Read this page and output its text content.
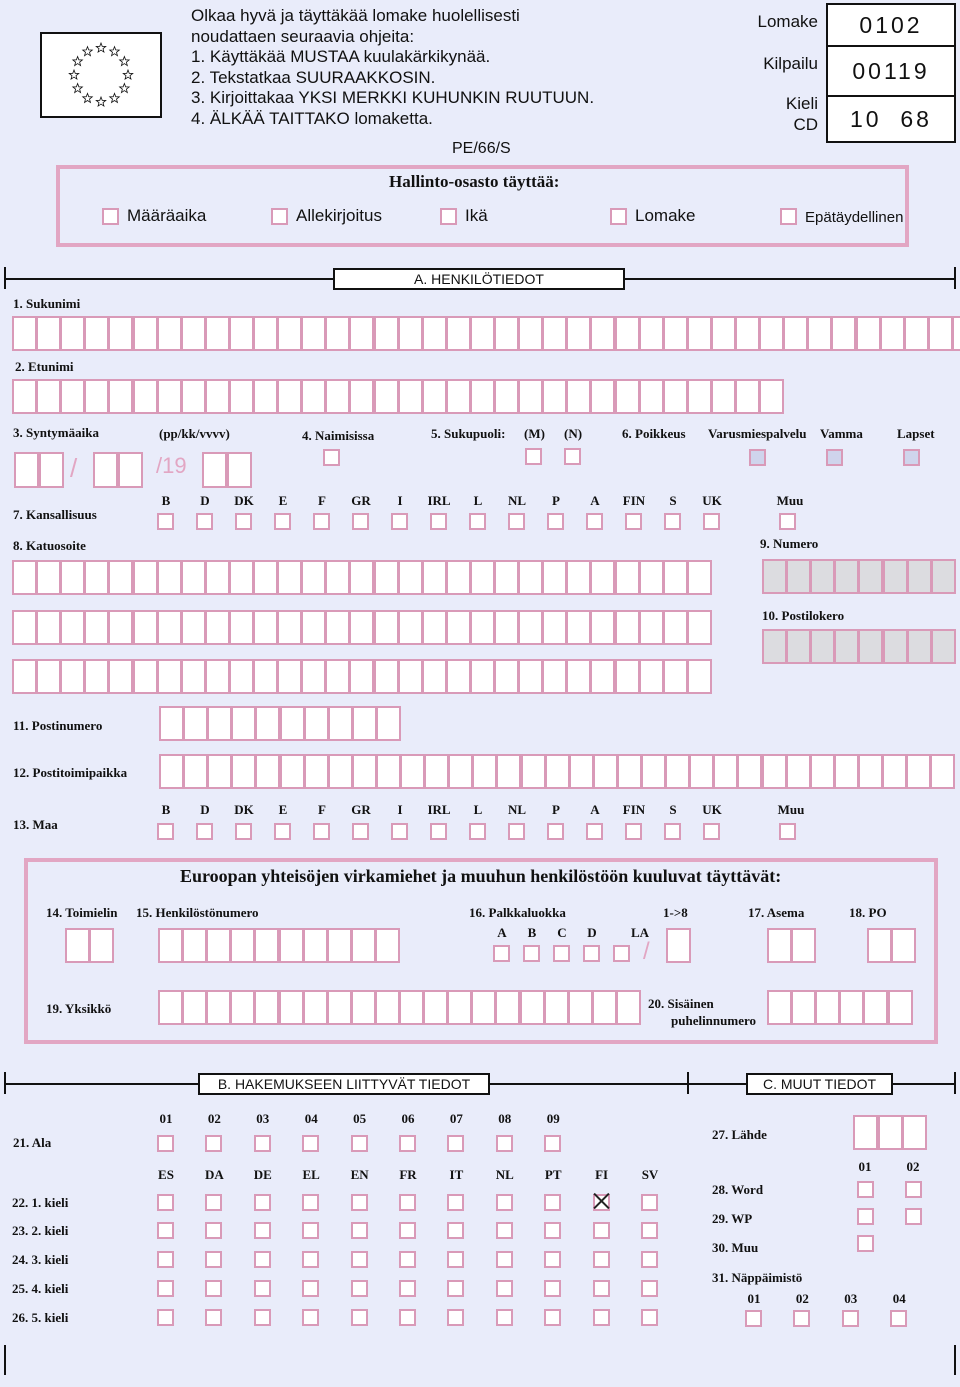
Olkaa hyvä ja täyttäkää lomake huolellisesti
noudattaen seuraavia ohjeita:
1. Käyttäkää MUSTAA kuulakärkikynää.
2. Tekstatkaa SUURAAKKOSIN.
3. Kirjoittakaa YKSI MERKKI KUHUNKIN RUUTUUN.
4. ÄLKÄÄ TAITTAKO lomaketta.
PE/66/S
Lomake
Kilpailu
Kieli
CD
0102
00119
10  68
Hallinto-osasto täyttää:
Määräaika	Allekirjoitus	Ikä	Lomake	Epätäydellinen
A. HENKILÖTIEDOT
1. Sukunimi
2. Etunimi
3. Syntymäaika	(pp/kk/vvvv)	4. Naimisissa	5. Sukupuoli: (M) (N)	6. Poikkeus Varusmiespalvelu Vamma	Lapset
/	/19
7. Kansallisuus
B D DK E F GR I IRL L NL P A FIN S UK	Muu
8. Katuosoite	9. Numero
10. Postilokero
11. Postinumero
12. Postitoimipaikka
13. Maa
B D DK E F GR I IRL L NL P A FIN S UK	Muu
Euroopan yhteisöjen virkamiehet ja muuhun henkilöstöön kuuluvat täyttävät:
14. Toimielin 15. Henkilöstönumero	16. Palkkaluokka	1->8	17. Asema	18. PO
A B C D	LA
/
19. Yksikkö	20. Sisäinen
puhelinnumero
B. HAKEMUKSEEN LIITTYVÄT TIEDOT	C. MUUT TIEDOT
01	02	03	04	05	06	07	08	09
21. Ala
ES DA DE EL EN FR	IT	NL PT	FI	SV
22. 1. kieli
23. 2. kieli
24. 3. kieli
25. 4. kieli
26. 5. kieli
27. Lähde
01	02
28. Word
29. WP
30. Muu
31. Näppäimistö
01	02	03	04
